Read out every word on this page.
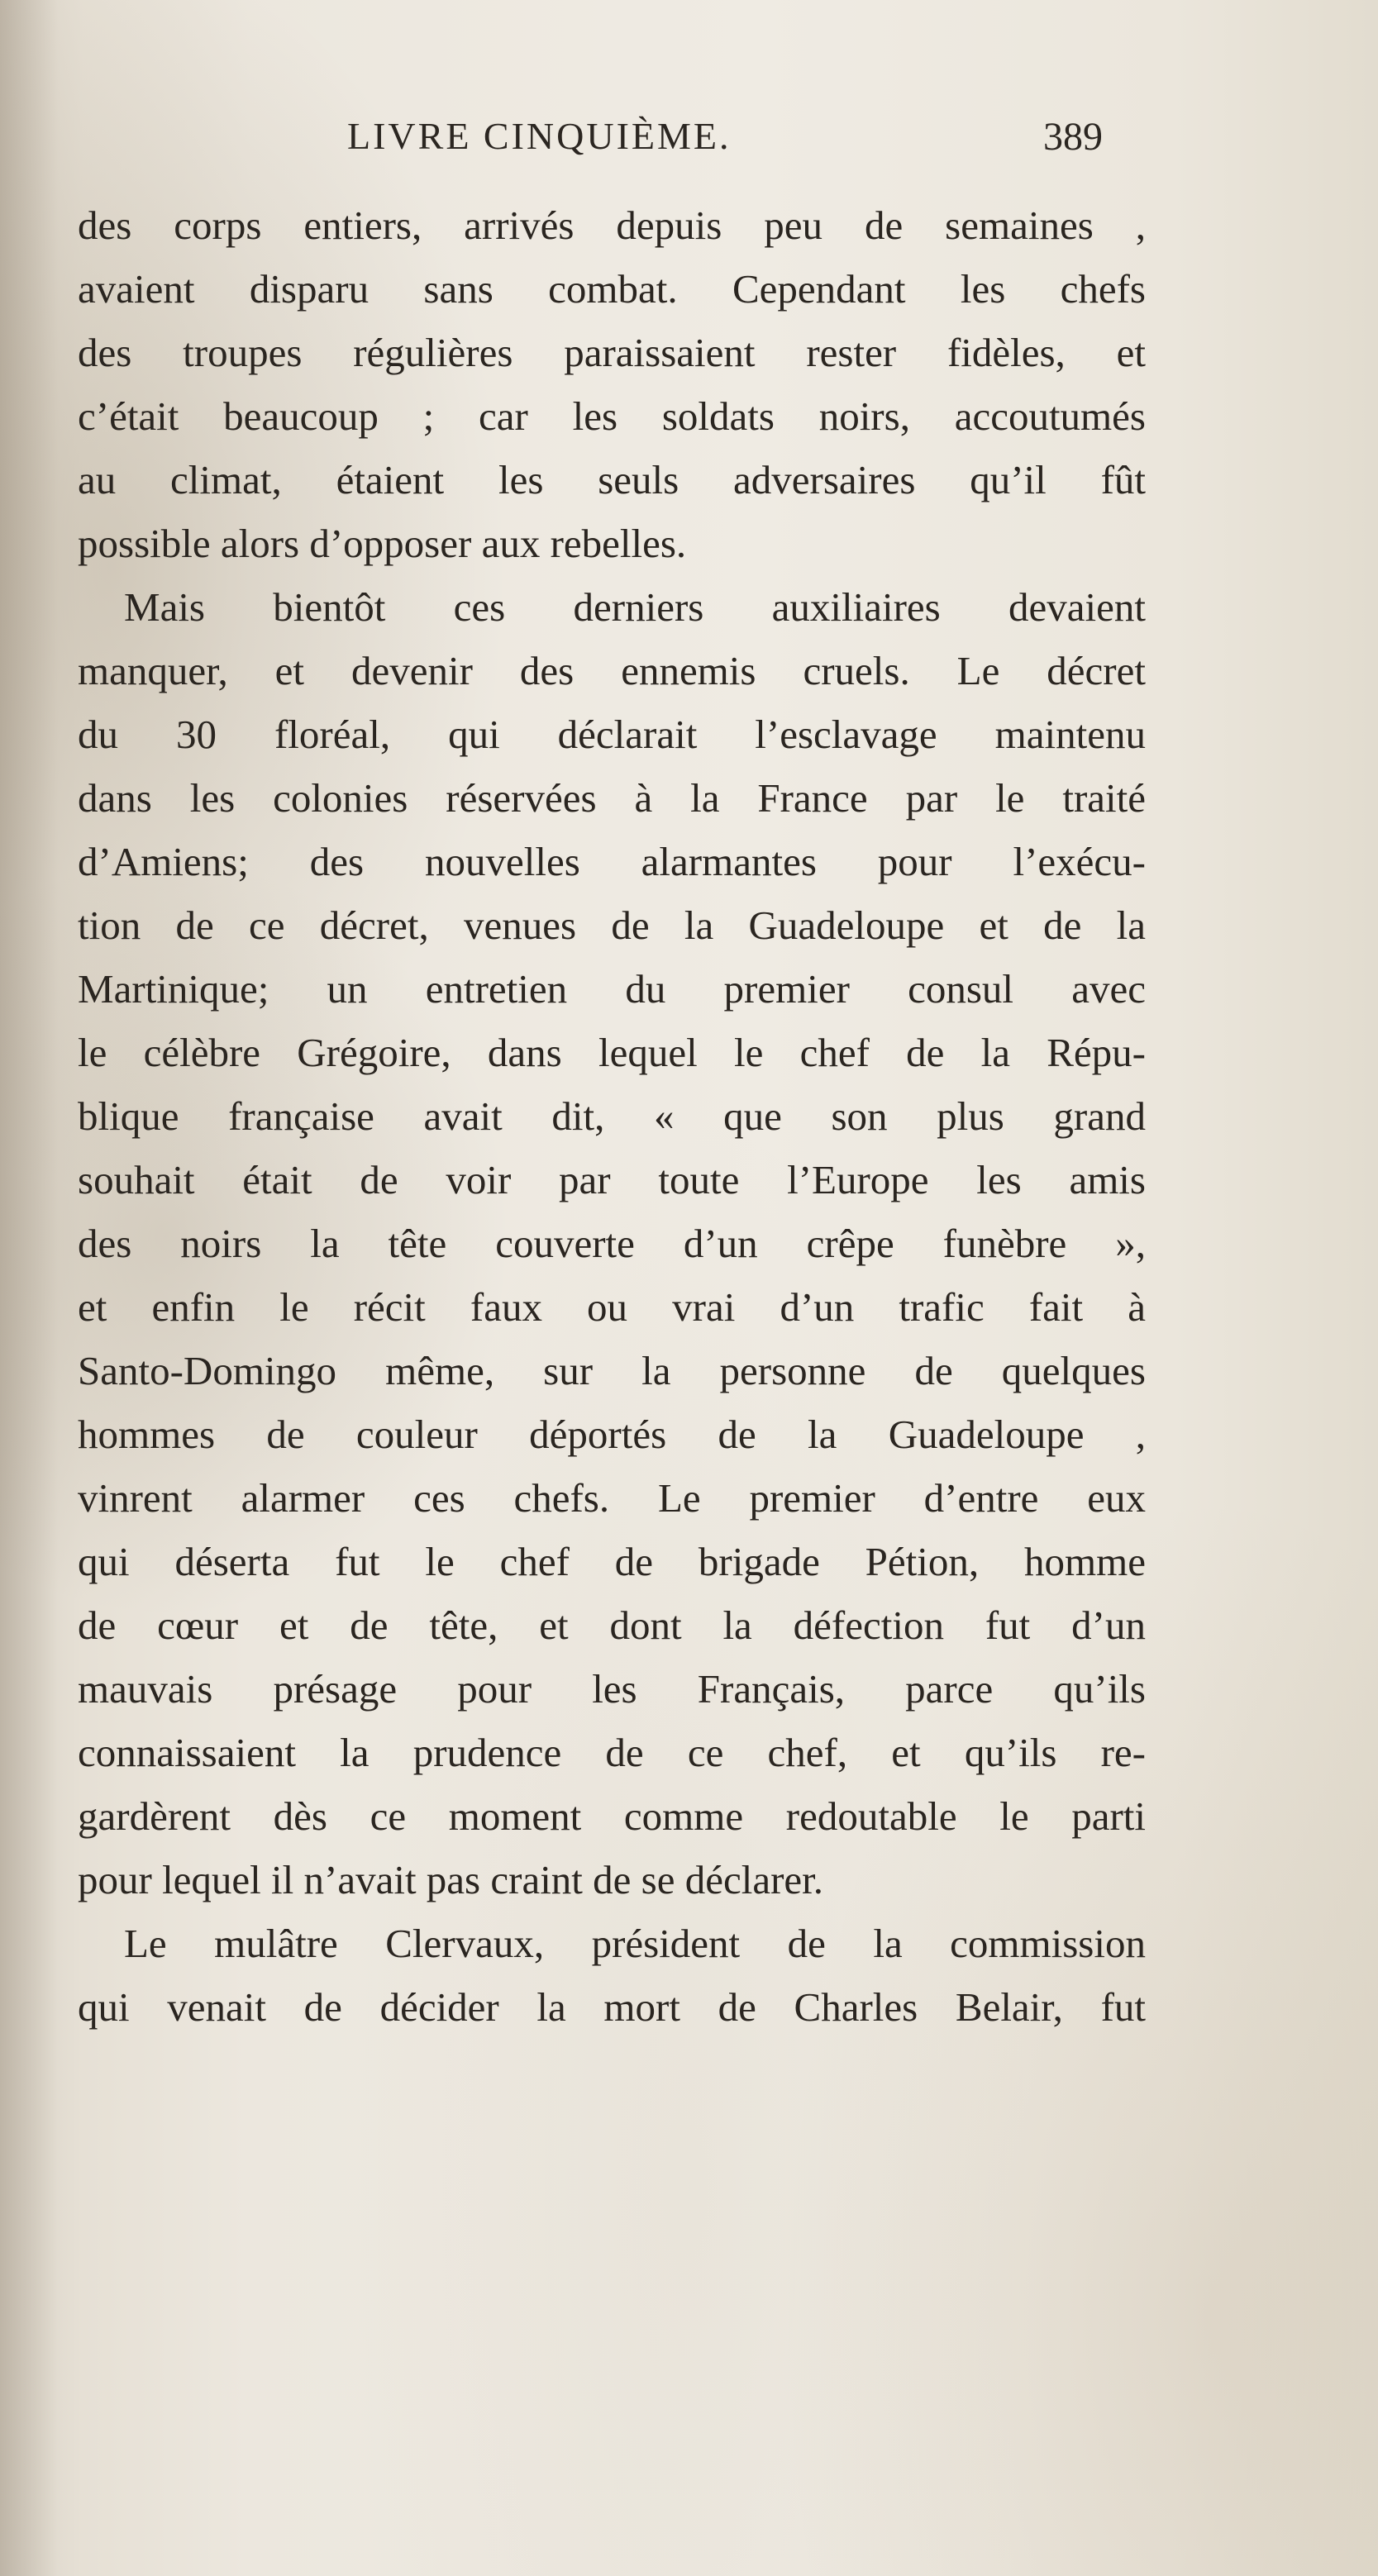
LIVRE CINQUIÈME.	389
des corps entiers, arrivés depuis peu de semaines ,
avaient disparu sans combat. Cependant les chefs
des troupes régulières paraissaient rester fidèles, et
c’était beaucoup ; car les soldats noirs, accoutumés
au climat, étaient les seuls adversaires qu’il fût
possible alors d’opposer aux rebelles.
Mais bientôt ces derniers auxiliaires devaient
manquer, et devenir des ennemis cruels. Le décret
du 30 floréal, qui déclarait l’esclavage maintenu
dans les colonies réservées à la France par le traité
d’Amiens; des nouvelles alarmantes pour l’exécu-
tion de ce décret, venues de la Guadeloupe et de la
Martinique; un entretien du premier consul avec
le célèbre Grégoire, dans lequel le chef de la Répu-
blique française avait dit, « que son plus grand
souhait était de voir par toute l’Europe les amis
des noirs la tête couverte d’un crêpe funèbre »,
et enfin le récit faux ou vrai d’un trafic fait à
Santo-Domingo même, sur la personne de quelques
hommes de couleur déportés de la Guadeloupe ,
vinrent alarmer ces chefs. Le premier d’entre eux
qui déserta fut le chef de brigade Pétion, homme
de cœur et de tête, et dont la défection fut d’un
mauvais présage pour les Français, parce qu’ils
connaissaient la prudence de ce chef, et qu’ils re-
gardèrent dès ce moment comme redoutable le parti
pour lequel il n’avait pas craint de se déclarer.
Le mulâtre Clervaux, président de la commission
qui venait de décider la mort de Charles Belair, fut
